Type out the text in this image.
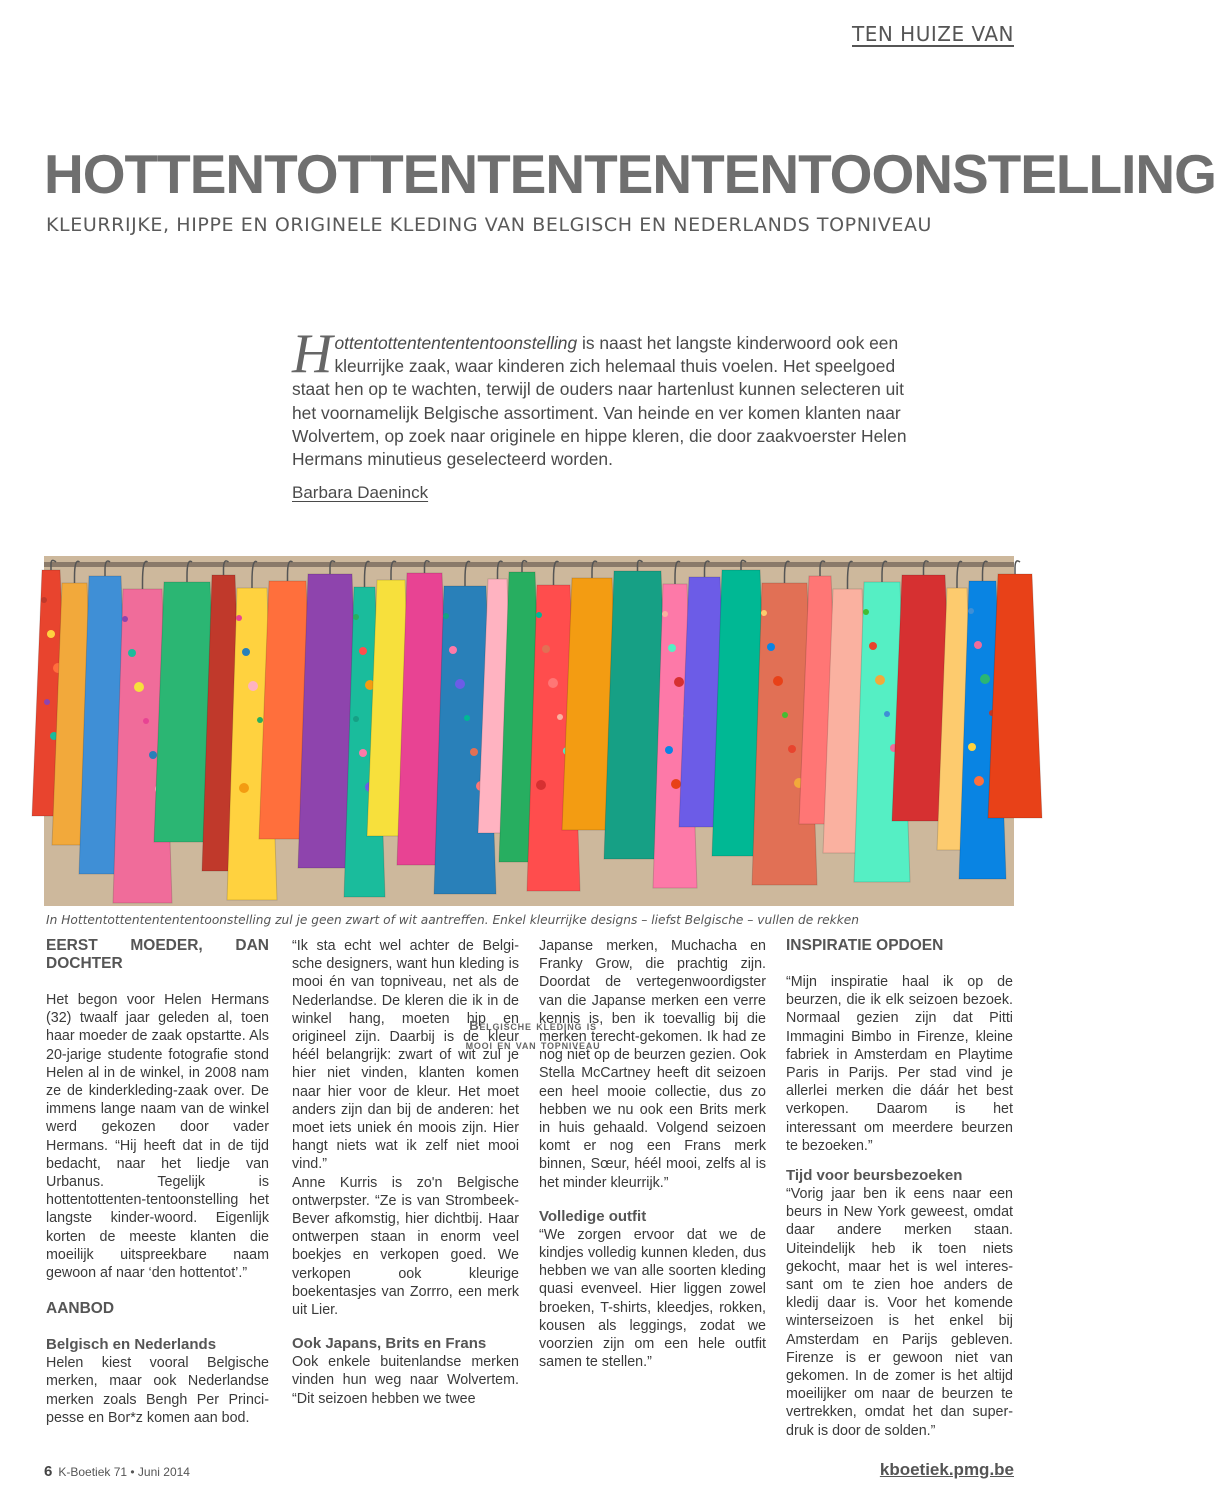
TEN HUIZE VAN
HOTTENTOTTENTENTENTENTOONSTELLING
KLEURRIJKE, HIPPE EN ORIGINELE KLEDING VAN BELGISCH EN NEDERLANDS TOPNIVEAU
Hottentottententententoonstelling is naast het langste kinderwoord ook een kleurrijke zaak, waar kinderen zich helemaal thuis voelen. Het speelgoed staat hen op te wachten, terwijl de ouders naar hartenlust kunnen selecteren uit het voornamelijk Belgische assortiment. Van heinde en ver komen klanten naar Wolvertem, op zoek naar originele en hippe kleren, die door zaakvoerster Helen Hermans minutieus geselecteerd worden.
Barbara Daeninck
In Hottentottententententoonstelling zul je geen zwart of wit aantreffen. Enkel kleurrijke designs – liefst Belgische – vullen de rekken

EERST MOEDER, DAN DOCHTER

Het begon voor Helen Hermans (32) twaalf jaar geleden al, toen haar moeder de zaak opstartte. Als 20-jarige studente fotografie stond Helen al in de winkel, in 2008 nam ze de kinderkleding-zaak over. De immens lange naam van de winkel werd gekozen door vader Hermans. “Hij heeft dat in de tijd bedacht, naar het liedje van Urbanus. Tegelijk is hottentottenten-tentoonstelling het langste kinder-woord. Eigenlijk korten de meeste klanten die moeilijk uitspreekbare naam gewoon af naar ‘den hottentot’.”

AANBOD

Belgisch en Nederlands

Helen kiest vooral Belgische merken, maar ook Nederlandse merken zoals Bengh Per Princi-pesse en Bor*z komen aan bod.

“Ik sta echt wel achter de Belgi-sche designers, want hun kleding is mooi én van topniveau, net als de Nederlandse. De kleren die ik in de winkel hang, moeten hip en origineel zijn. Daarbij is de kleur héél belangrijk: zwart of wit zul je hier niet vinden, klanten komen naar hier voor de kleur. Het moet anders zijn dan bij de anderen: het moet iets uniek én moois zijn. Hier hangt niets wat ik zelf niet mooi vind.”

Anne Kurris is zo'n Belgische ontwerpster. “Ze is van Strombeek-Bever afkomstig, hier dichtbij. Haar ontwerpen staan in enorm veel boekjes en verkopen goed. We verkopen ook kleurige boekentasjes van Zorrro, een merk uit Lier.

Ook Japans, Brits en Frans

Ook enkele buitenlandse merken vinden hun weg naar Wolvertem. “Dit seizoen hebben we twee

Belgische kleding is mooi en van topniveau

Japanse merken, Muchacha en Franky Grow, die prachtig zijn. Doordat de vertegenwoordigster van die Japanse merken een verre kennis is, ben ik toevallig bij die merken terecht-gekomen. Ik had ze nog niet op de beurzen gezien. Ook Stella McCartney heeft dit seizoen een heel mooie collectie, dus zo hebben we nu ook een Brits merk in huis gehaald. Volgend seizoen komt er nog een Frans merk binnen, Sœur, héél mooi, zelfs al is het minder kleurrijk.”

Volledige outfit

“We zorgen ervoor dat we de kindjes volledig kunnen kleden, dus hebben we van alle soorten kleding quasi evenveel. Hier liggen zowel broeken, T-shirts, kleedjes, rokken, kousen als leggings, zodat we voorzien zijn om een hele outfit samen te stellen.”

INSPIRATIE OPDOEN

“Mijn inspiratie haal ik op de beurzen, die ik elk seizoen bezoek. Normaal gezien zijn dat Pitti Immagini Bimbo in Firenze, kleine fabriek in Amsterdam en Playtime Paris in Parijs. Per stad vind je allerlei merken die dáár het best verkopen. Daarom is het interessant om meerdere beurzen te bezoeken.”

Tijd voor beursbezoeken

“Vorig jaar ben ik eens naar een beurs in New York geweest, omdat daar andere merken staan. Uiteindelijk heb ik toen niets gekocht, maar het is wel interes-sant om te zien hoe anders de kledij daar is. Voor het komende winterseizoen is het enkel bij Amsterdam en Parijs gebleven. Firenze is er gewoon niet van gekomen. In de zomer is het altijd moeilijker om naar de beurzen te vertrekken, omdat het dan super-druk is door de solden.”

6 K-Boetiek 71 • Juni 2014	kboetiek.pmg.be
